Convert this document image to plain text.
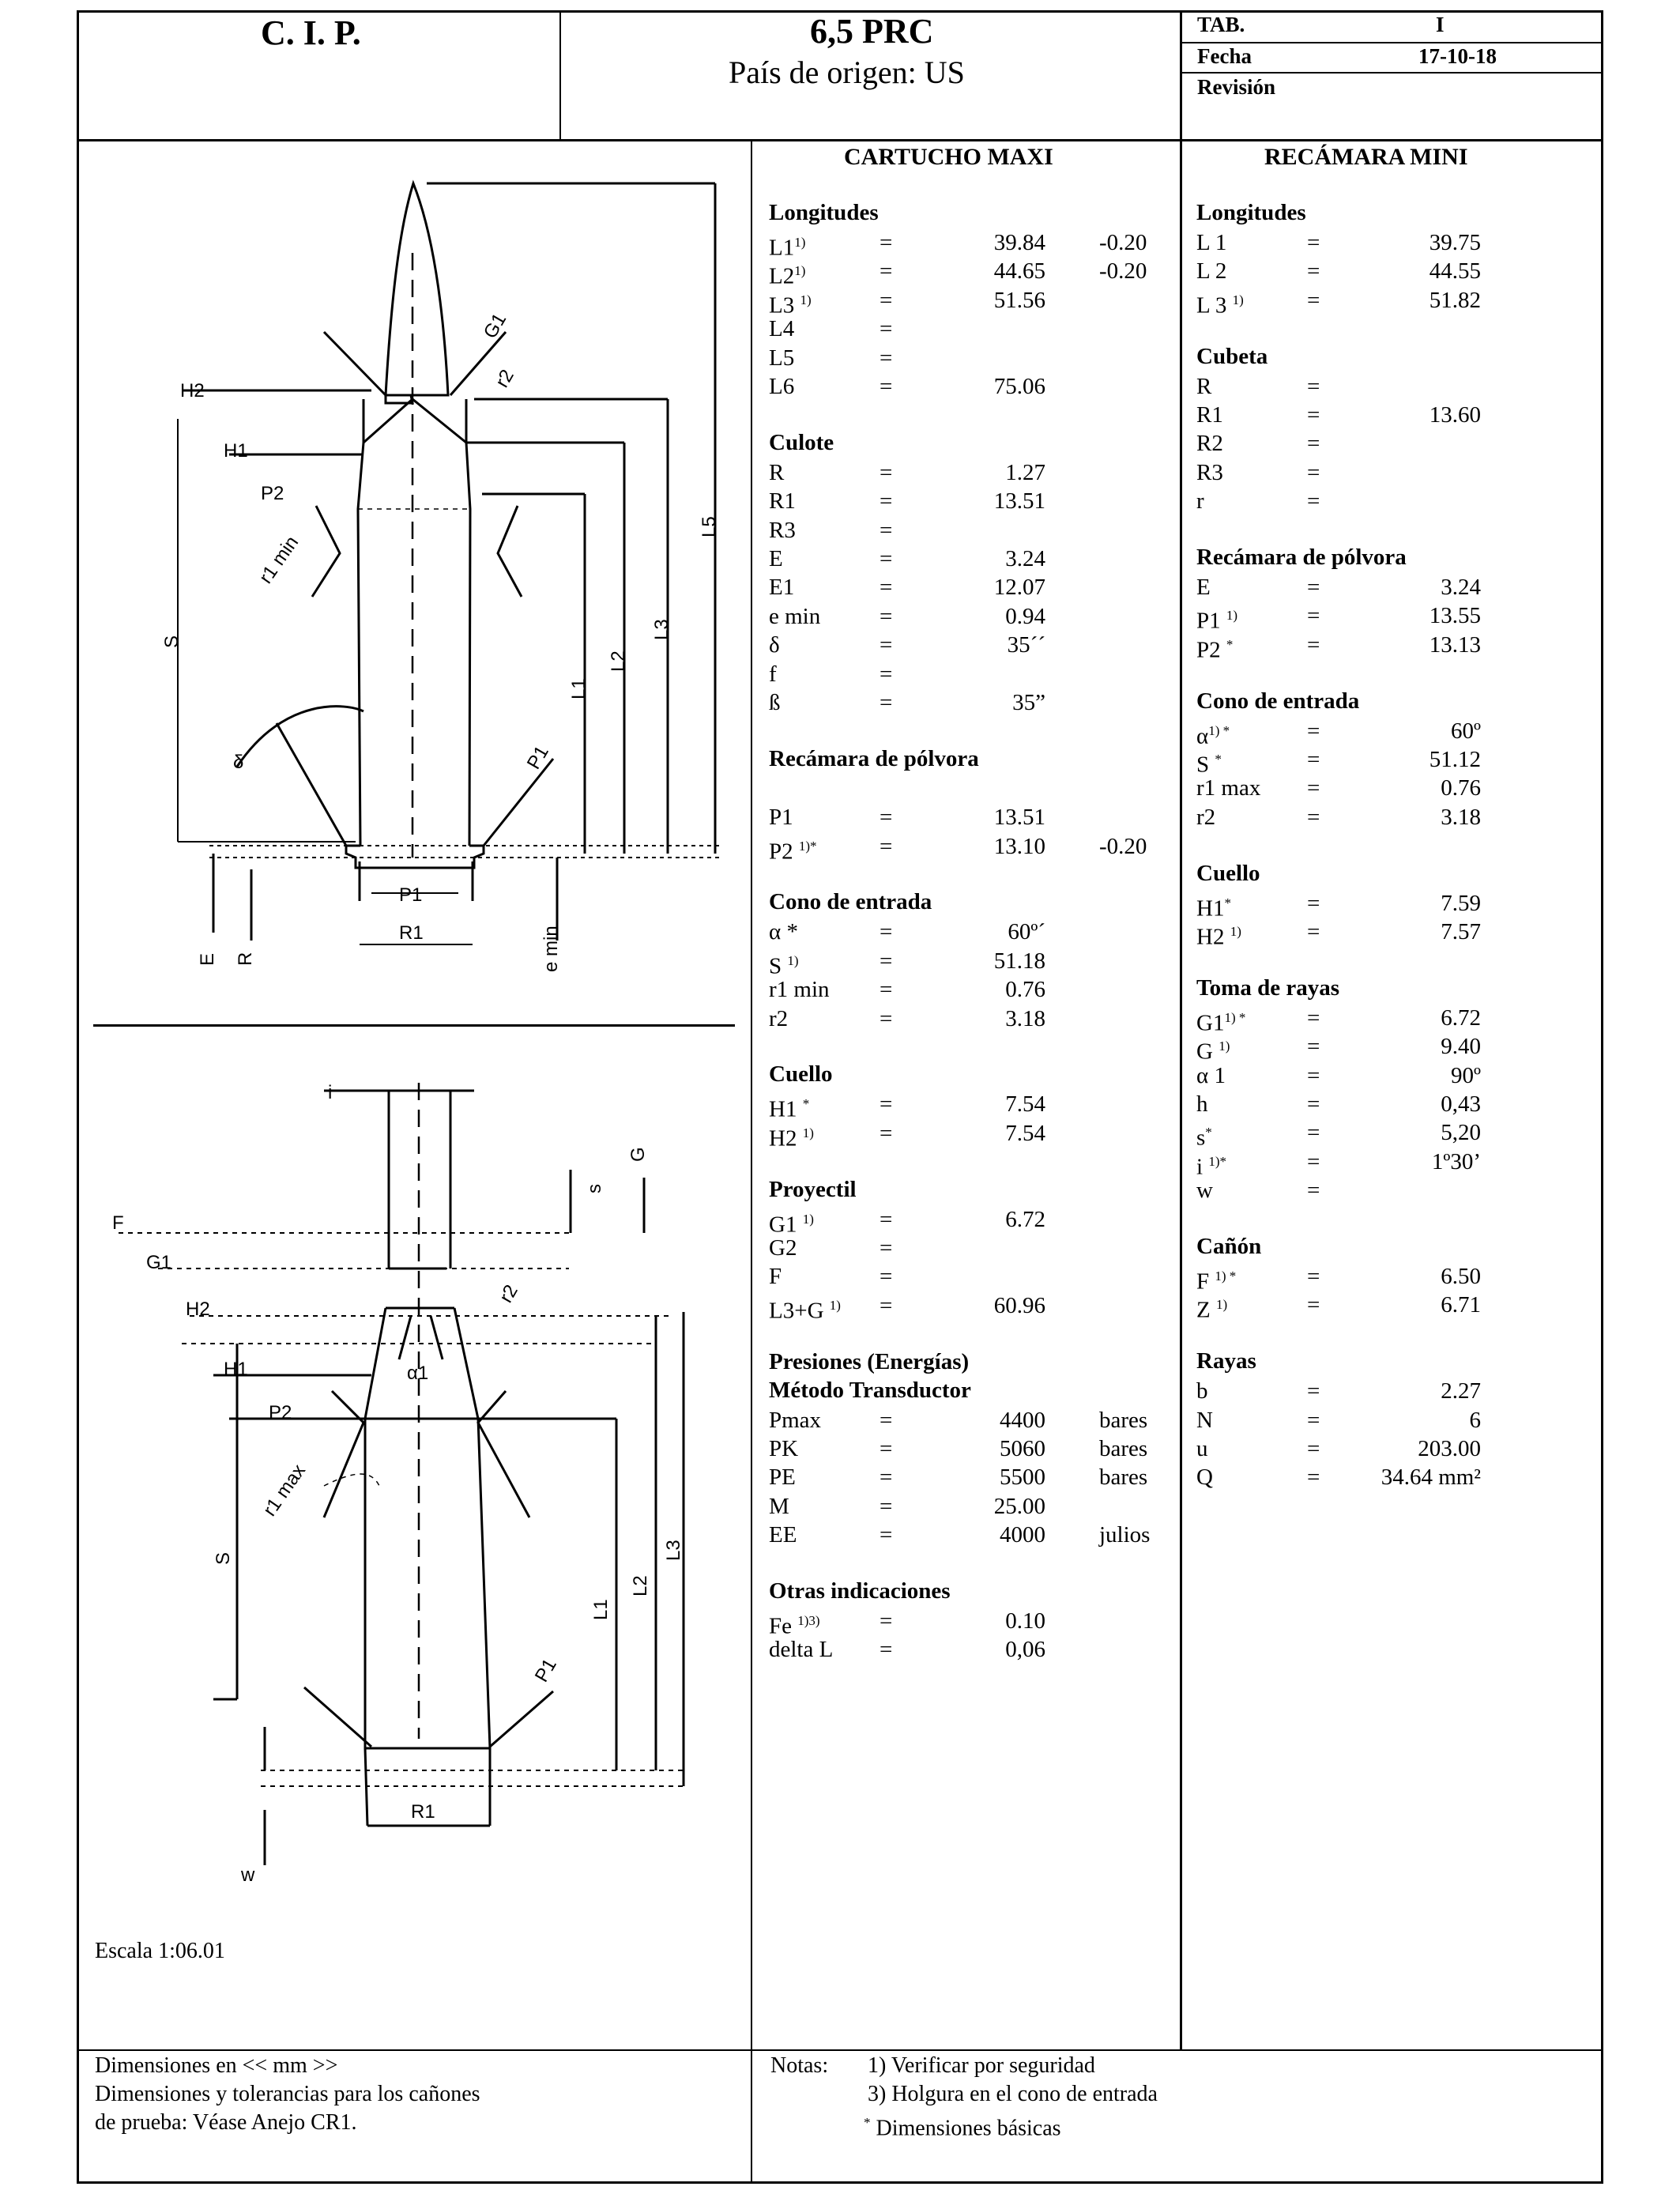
C. I. P.	6,5 PRC
País de origen: US
TAB.	I
Fecha	17-10-18
Revisión
CARTUCHO MAXI	RECÁMARA MINI
Longitudes
$L1^{1)}$	=	39.84 -0.20
$L2^{1)}$	=	44.65 -0.20
L3 $^{1)}$	=	51.56
L4	=
L5	=
L6	=	75.06
Culote
R	=	1.27
R1	=	13.51
R3	=
E	=	3.24
E1	=	12.07
e min	=	0.94
δ	=	35´´
f	=
ß	=	35”
Recámara de pólvora
P1	=	13.51
P2 $^{1)*}$	=	13.10 -0.20
Cono de entrada
α *	=	60º´
S $^{1)}$	=	51.18
r1 min =	0.76
r2	=	3.18
Cuello
H1 *	=	7.54
H2 $^{1)}$	=	7.54
Proyectil
G1 $^{1)}$	=	6.72
G2	=
F	=
L3+G $^{1)}$ =	60.96
Presiones (Energías)
Método Transductor
Pmax	=	4400 bares
PK	=	5060 bares
PE	=	5500 bares
M	=	25.00
EE	=	4000 julios
Otras indicaciones
Fe $^{1)3)}$	=	0.10
delta L =	0,06
Longitudes
L 1	=	39.75
L 2	=	44.55
L 3 $^{1)}$	=	51.82
Cubeta
R	=
R1	=	13.60
R2	=
R3	=
r	=
Recámara de pólvora
E	=	3.24
P1 $^{1)}$	=	13.55
P2 *	=	13.13
Cono de entrada
$\alpha^{1) *}$	=	60º
S *	=	51.12
r1 max =	0.76
r2	=	3.18
Cuello
H1*	=	7.59
H2 $^{1)}$	=	7.57
Toma de rayas
$G1^{1) *}$	=	6.72
G $^{1)}$	=	9.40
α 1	=	90º
h	=	0,43
s*	=	5,20
i $^{1)*}$	=	1º30’
w	=
Cañón
F $^{1) *}$	=	6.50
Z $^{1)}$	=	6.71
Rayas
b	=	2.27
N	=	6
u	=	203.00
Q	=	34.64 mm²
Escala 1:06.01
Dimensiones en << mm >>
Dimensiones y tolerancias para los cañones
de prueba: Véase Anejo CR1.
Notas: 1) Verificar por seguridad
3) Holgura en el cono de entrada
* Dimensiones básicas
H2
H1
P2
r1 min
G1
r2
L5
S
L3
L2
L1
δ	P1
P1
R1
E R	e min
i
G
s
F
G1
H2
r2
H1
P2
r1 max
α1
S	L3
L2
L1
P1
R1
w
